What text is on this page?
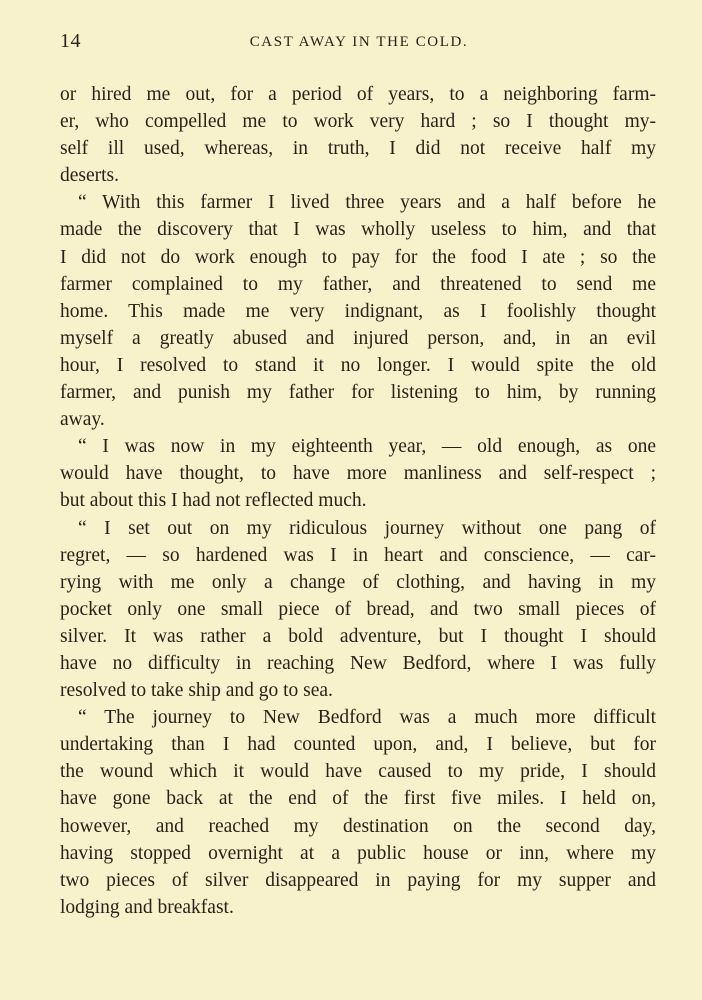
14	CAST AWAY IN THE COLD.
or hired me out, for a period of years, to a neighboring farm-
er, who compelled me to work very hard ; so I thought my-
self ill used, whereas, in truth, I did not receive half my
deserts.
“ With this farmer I lived three years and a half before he
made the discovery that I was wholly useless to him, and that
I did not do work enough to pay for the food I ate ; so the
farmer complained to my father, and threatened to send me
home. This made me very indignant, as I foolishly thought
myself a greatly abused and injured person, and, in an evil
hour, I resolved to stand it no longer. I would spite the old
farmer, and punish my father for listening to him, by running
away.
“ I was now in my eighteenth year, — old enough, as one
would have thought, to have more manliness and self-respect ;
but about this I had not reflected much.
“ I set out on my ridiculous journey without one pang of
regret, — so hardened was I in heart and conscience, — car-
rying with me only a change of clothing, and having in my
pocket only one small piece of bread, and two small pieces of
silver. It was rather a bold adventure, but I thought I should
have no difficulty in reaching New Bedford, where I was fully
resolved to take ship and go to sea.
“ The journey to New Bedford was a much more difficult
undertaking than I had counted upon, and, I believe, but for
the wound which it would have caused to my pride, I should
have gone back at the end of the first five miles. I held on,
however, and reached my destination on the second day,
having stopped overnight at a public house or inn, where my
two pieces of silver disappeared in paying for my supper and
lodging and breakfast.
